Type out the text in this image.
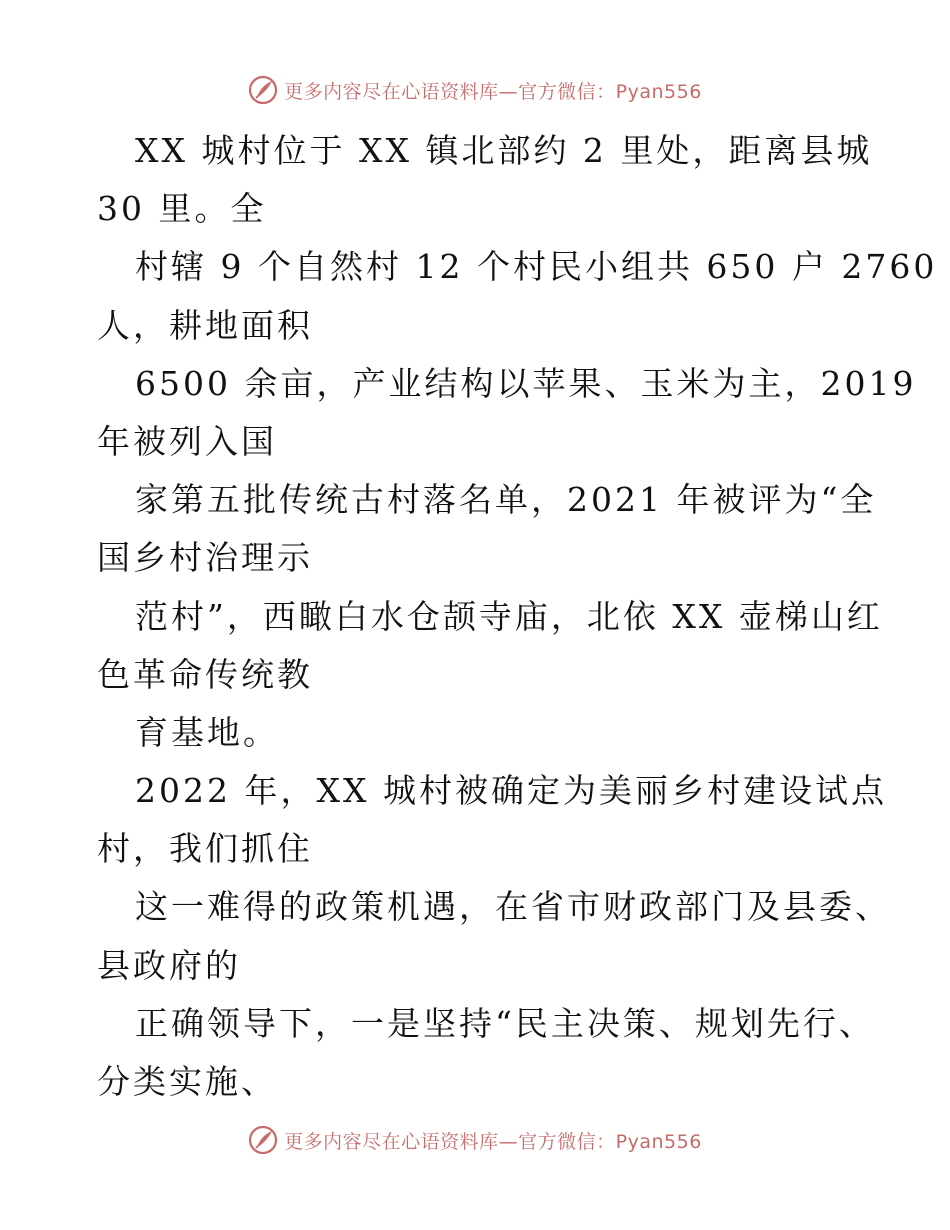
更多内容尽在心语资料库—官方微信：Pyan556
XX 城村位于 XX 镇北部约 2 里处，距离县城
30 里。全
村辖 9 个自然村 12 个村民小组共 650 户 2760
人，耕地面积
6500 余亩，产业结构以苹果、玉米为主，2019
年被列入国
家第五批传统古村落名单，2021 年被评为“全
国乡村治理示
范村”，西瞰白水仓颉寺庙，北依 XX 壶梯山红
色革命传统教
育基地。
2022 年，XX 城村被确定为美丽乡村建设试点
村，我们抓住
这一难得的政策机遇，在省市财政部门及县委、
县政府的
正确领导下，一是坚持“民主决策、规划先行、
分类实施、
更多内容尽在心语资料库—官方微信：Pyan556
